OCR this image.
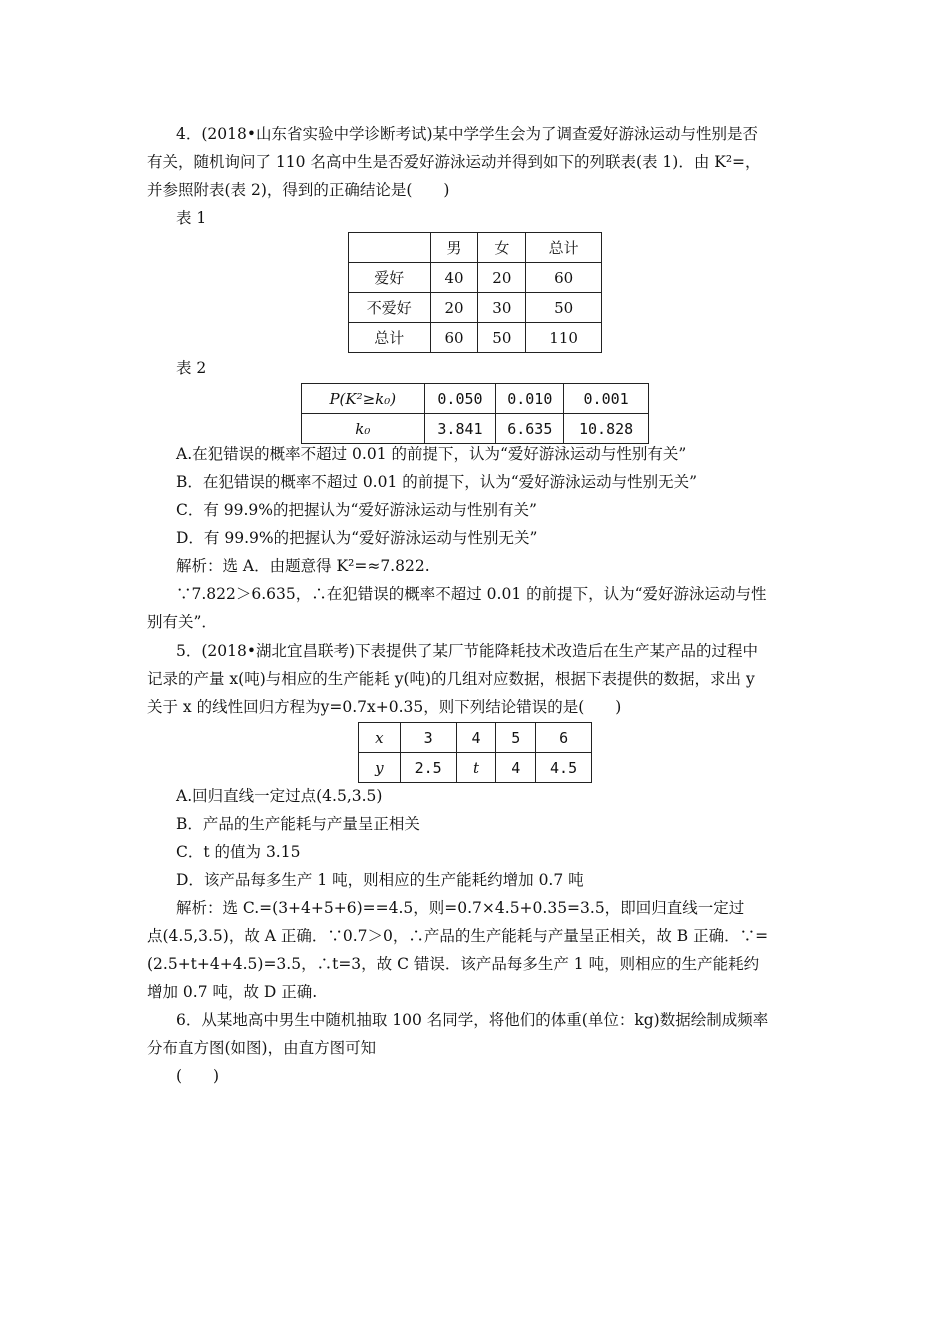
4．(2018•山东省实验中学诊断考试)某中学学生会为了调查爱好游泳运动与性别是否
有关，随机询问了 110 名高中生是否爱好游泳运动并得到如下的列联表(表 1)．由 K²=，
并参照附表(表 2)，得到的正确结论是(　　)
表 1
	男	女	总计
爱好	40	20	60
不爱好	20	30	50
总计	60	50	110
表 2
P(K²≥k₀)	0.050	0.010	0.001
k₀	3.841	6.635	10.828
A.在犯错误的概率不超过 0.01 的前提下，认为“爱好游泳运动与性别有关”
B．在犯错误的概率不超过 0.01 的前提下，认为“爱好游泳运动与性别无关”
C．有 99.9%的把握认为“爱好游泳运动与性别有关”
D．有 99.9%的把握认为“爱好游泳运动与性别无关”
解析：选 A．由题意得 K²=≈7.822.
∵7.822＞6.635，∴在犯错误的概率不超过 0.01 的前提下，认为“爱好游泳运动与性
别有关”．
5．(2018•湖北宜昌联考)下表提供了某厂节能降耗技术改造后在生产某产品的过程中
记录的产量 x(吨)与相应的生产能耗 y(吨)的几组对应数据，根据下表提供的数据，求出 y
关于 x 的线性回归方程为y=0.7x+0.35，则下列结论错误的是(　　)
x	3	4	5	6
y	2.5	t	4	4.5
A.回归直线一定过点(4.5,3.5)
B．产品的生产能耗与产量呈正相关
C．t 的值为 3.15
D．该产品每多生产 1 吨，则相应的生产能耗约增加 0.7 吨
解析：选 C.=(3+4+5+6)==4.5，则=0.7×4.5+0.35=3.5，即回归直线一定过
点(4.5,3.5)，故 A 正确．∵0.7＞0，∴产品的生产能耗与产量呈正相关，故 B 正确．∵=
(2.5+t+4+4.5)=3.5，∴t=3，故 C 错误．该产品每多生产 1 吨，则相应的生产能耗约
增加 0.7 吨，故 D 正确.
6．从某地高中男生中随机抽取 100 名同学，将他们的体重(单位：kg)数据绘制成频率
分布直方图(如图)，由直方图可知
(　　)
